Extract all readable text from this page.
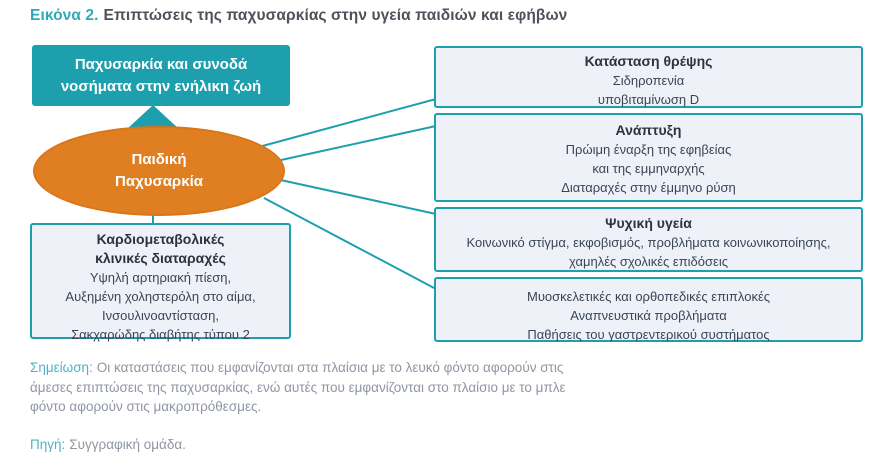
Εικόνα 2. Επιπτώσεις της παχυσαρκίας στην υγεία παιδιών και εφήβων
Παχυσαρκία και συνοδά
νοσήματα στην ενήλικη ζωή
Παιδική
Παχυσαρκία
Καρδιομεταβολικές
κλινικές διαταραχές
Υψηλή αρτηριακή πίεση,
Αυξημένη χοληστερόλη στο αίμα,
Ινσουλινοαντίσταση,
Σακχαρώδης διαβήτης τύπου 2
Κατάσταση θρέψης
Σιδηροπενία
υποβιταμίνωση D
Ανάπτυξη
Πρώιμη έναρξη της εφηβείας
και της εμμηναρχής
Διαταραχές στην έμμηνο ρύση
Ψυχική υγεία
Κοινωνικό στίγμα, εκφοβισμός, προβλήματα κοινωνικοποίησης,
χαμηλές σχολικές επιδόσεις
Μυοσκελετικές και ορθοπεδικές επιπλοκές
Αναπνευστικά προβλήματα
Παθήσεις του γαστρεντερικού συστήματος
Σημείωση: Οι καταστάσεις που εμφανίζονται στα πλαίσια με το λευκό φόντο αφορούν στις
άμεσες επιπτώσεις της παχυσαρκίας, ενώ αυτές που εμφανίζονται στο πλαίσιο με το μπλε
φόντο αφορούν στις μακροπρόθεσμες.
Πηγή: Συγγραφική ομάδα.
